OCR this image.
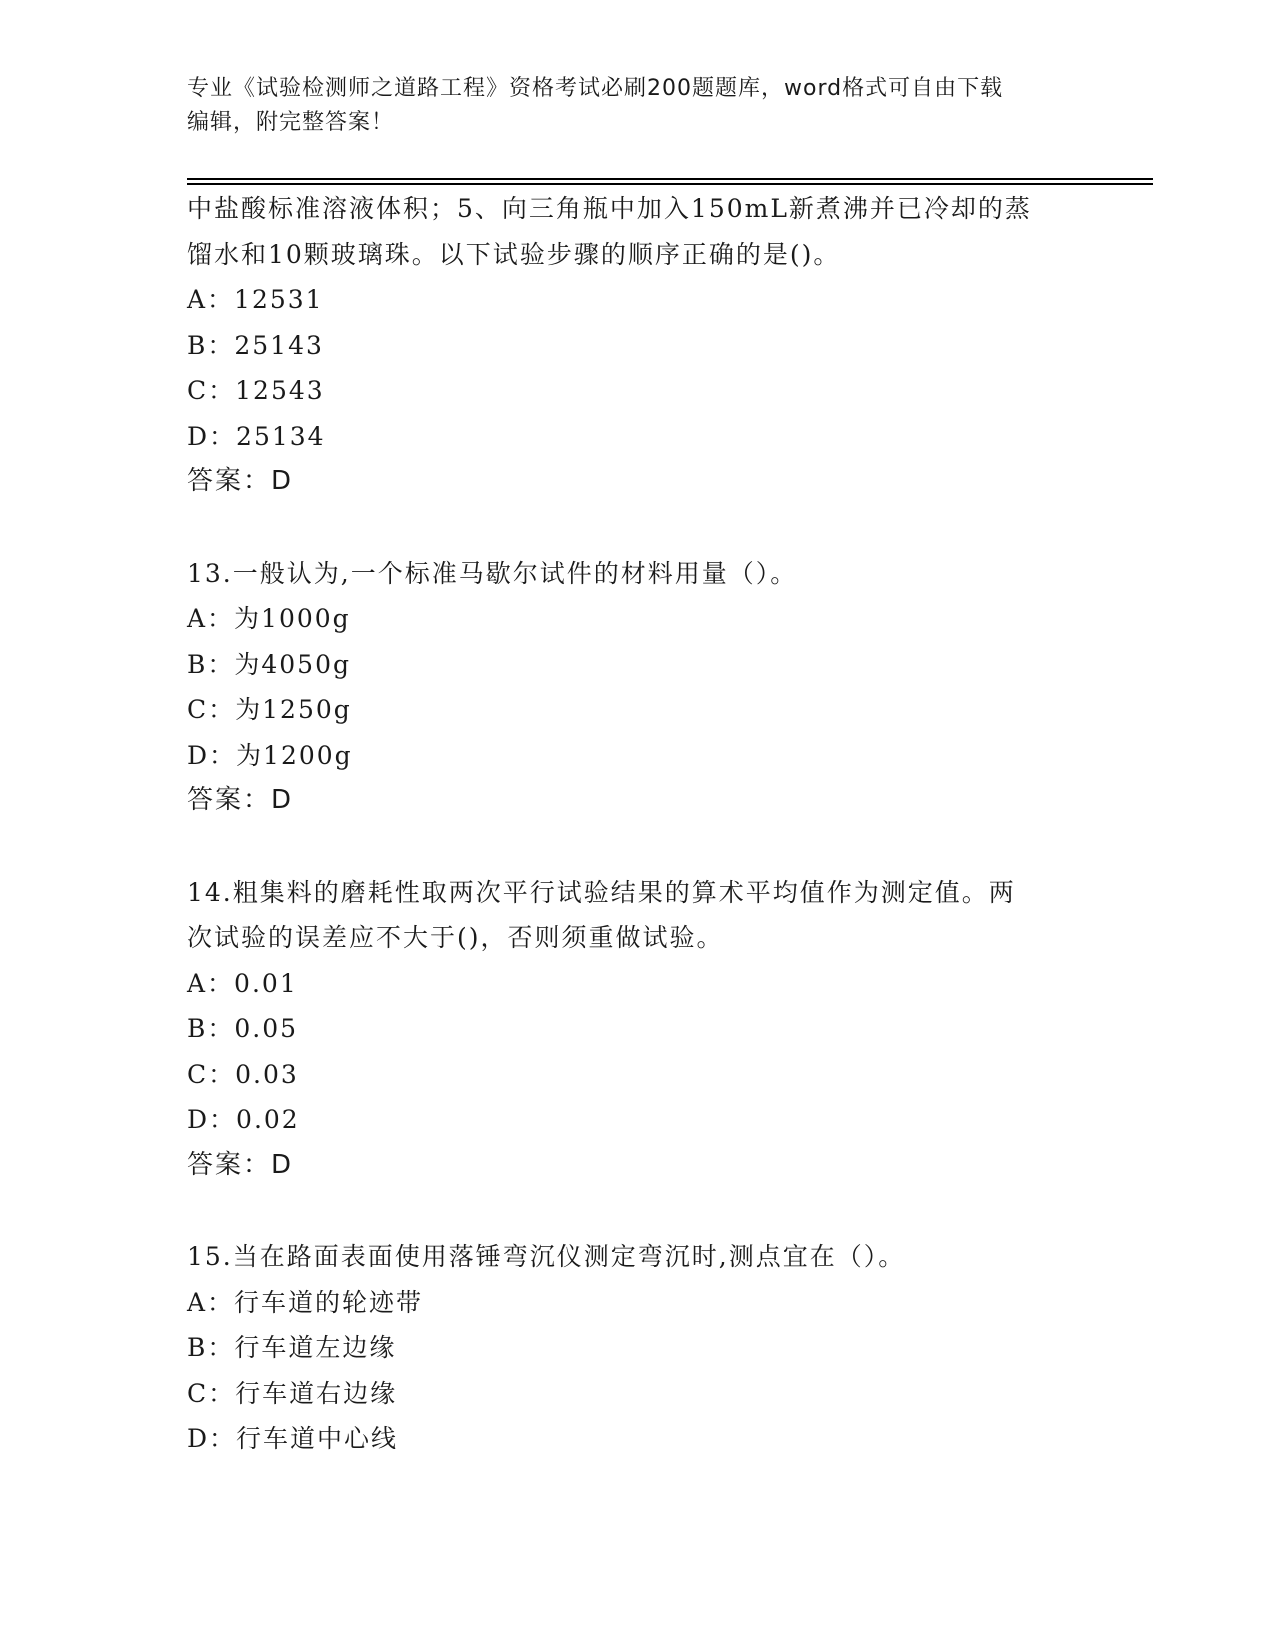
专业《试验检测师之道路工程》资格考试必刷200题题库，word格式可自由下载
编辑，附完整答案！
中盐酸标准溶液体积；5、向三角瓶中加入150mL新煮沸并已冷却的蒸
馏水和10颗玻璃珠。以下试验步骤的顺序正确的是()。
A：12531
B：25143
C：12543
D：25134
答案：D
13.一般认为,一个标准马歇尔试件的材料用量（）。
A：为1000g
B：为4050g
C：为1250g
D：为1200g
答案：D
14.粗集料的磨耗性取两次平行试验结果的算术平均值作为测定值。两
次试验的误差应不大于()，否则须重做试验。
A：0.01
B：0.05
C：0.03
D：0.02
答案：D
15.当在路面表面使用落锤弯沉仪测定弯沉时,测点宜在（）。
A：行车道的轮迹带
B：行车道左边缘
C：行车道右边缘
D：行车道中心线
